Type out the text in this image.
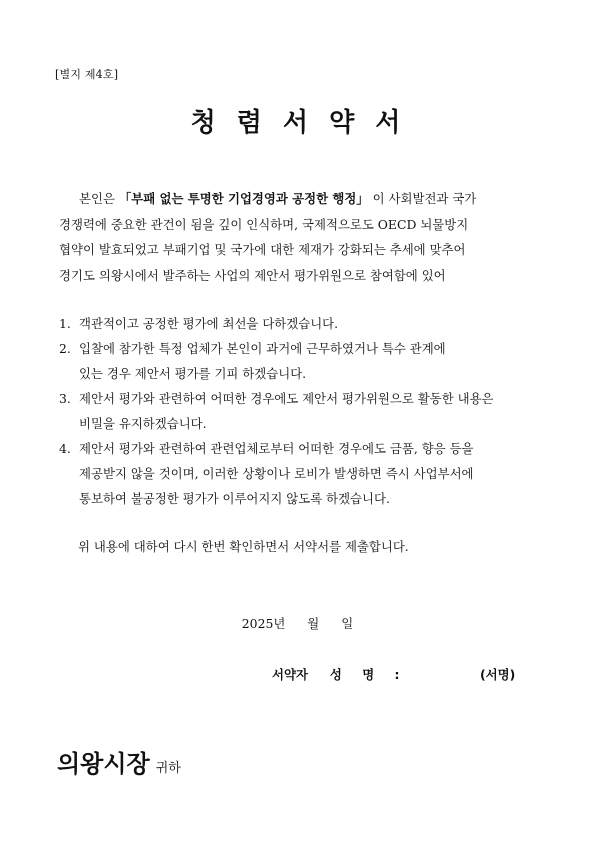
[별지 제4호]
청 렴 서 약 서
본인은 「부패 없는 투명한 기업경영과 공정한 행정」 이 사회발전과 국가
경쟁력에 중요한 관건이 됨을 깊이 인식하며, 국제적으로도 OECD 뇌물방지
협약이 발효되었고 부패기업 및 국가에 대한 제재가 강화되는 추세에 맞추어
경기도 의왕시에서 발주하는 사업의 제안서 평가위원으로 참여함에 있어
1. 객관적이고 공정한 평가에 최선을 다하겠습니다.
2. 입찰에 참가한 특정 업체가 본인이 과거에 근무하였거나 특수 관계에
있는 경우 제안서 평가를 기피 하겠습니다.
3. 제안서 평가와 관련하여 어떠한 경우에도 제안서 평가위원으로 활동한 내용은
비밀을 유지하겠습니다.
4. 제안서 평가와 관련하여 관련업체로부터 어떠한 경우에도 금품, 향응 등을
제공받지 않을 것이며, 이러한 상황이나 로비가 발생하면 즉시 사업부서에
통보하여 불공정한 평가가 이루어지지 않도록 하겠습니다.
위 내용에 대하여 다시 한번 확인하면서 서약서를 제출합니다.
2025년 월 일
서약자 성 명 :	(서명)
의왕시장 귀하
